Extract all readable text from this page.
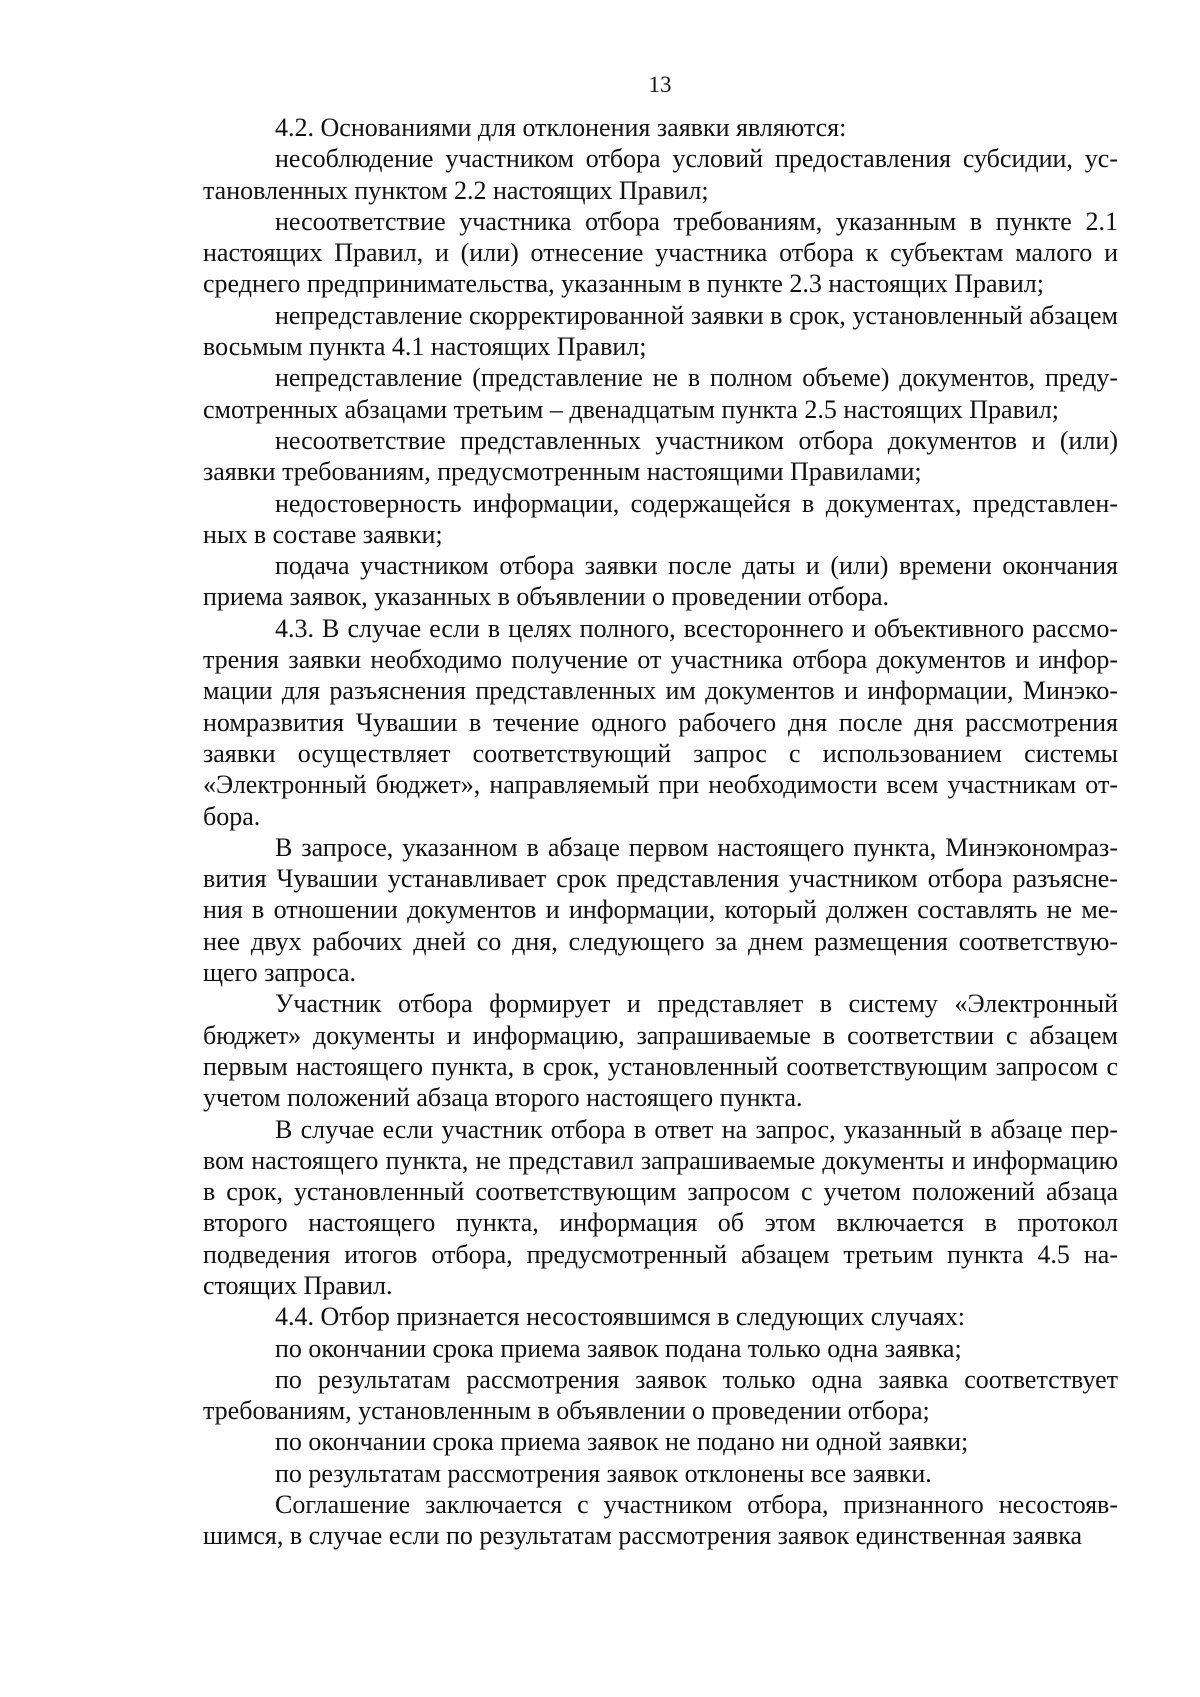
13

4.2. Основаниями для отклонения заявки являются:

несоблюдение участником отбора условий предоставления субсидии, установленных пунктом 2.2 настоящих Правил;

несоответствие участника отбора требованиям, указанным в пункте 2.1 настоящих Правил, и (или) отнесение участника отбора к субъектам малого и среднего предпринимательства, указанным в пункте 2.3 настоящих Правил;

непредставление скорректированной заявки в срок, установленный абзацем восьмым пункта 4.1 настоящих Правил;

непредставление (представление не в полном объеме) документов, предусмотренных абзацами третьим – двенадцатым пункта 2.5 настоящих Правил;

несоответствие представленных участником отбора документов и (или) заявки требованиям, предусмотренным настоящими Правилами;

недостоверность информации, содержащейся в документах, представленных в составе заявки;

подача участником отбора заявки после даты и (или) времени окончания приема заявок, указанных в объявлении о проведении отбора.

4.3. В случае если в целях полного, всестороннего и объективного рассмотрения заявки необходимо получение от участника отбора документов и информации для разъяснения представленных им документов и информации, Минэкономразвития Чувашии в течение одного рабочего дня после дня рассмотрения заявки осуществляет соответствующий запрос с использованием системы «Электронный бюджет», направляемый при необходимости всем участникам отбора.

В запросе, указанном в абзаце первом настоящего пункта, Минэкономразвития Чувашии устанавливает срок представления участником отбора разъяснения в отношении документов и информации, который должен составлять не менее двух рабочих дней со дня, следующего за днем размещения соответствующего запроса.

Участник отбора формирует и представляет в систему «Электронный бюджет» документы и информацию, запрашиваемые в соответствии с абзацем первым настоящего пункта, в срок, установленный соответствующим запросом с учетом положений абзаца второго настоящего пункта.

В случае если участник отбора в ответ на запрос, указанный в абзаце первом настоящего пункта, не представил запрашиваемые документы и информацию в срок, установленный соответствующим запросом с учетом положений абзаца второго настоящего пункта, информация об этом включается в протокол подведения итогов отбора, предусмотренный абзацем третьим пункта 4.5 настоящих Правил.

4.4. Отбор признается несостоявшимся в следующих случаях:

по окончании срока приема заявок подана только одна заявка;

по результатам рассмотрения заявок только одна заявка соответствует требованиям, установленным в объявлении о проведении отбора;

по окончании срока приема заявок не подано ни одной заявки;

по результатам рассмотрения заявок отклонены все заявки.

Соглашение заключается с участником отбора, признанного несостоявшимся, в случае если по результатам рассмотрения заявок единственная заявка
